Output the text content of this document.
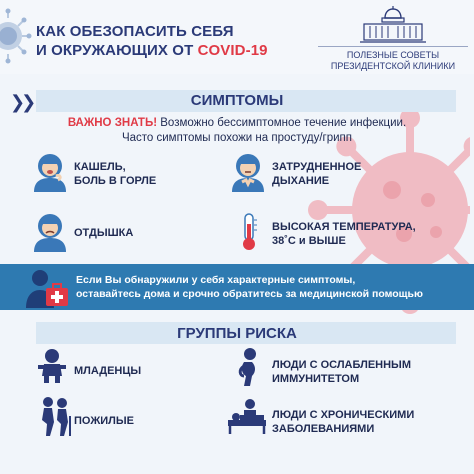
КАК ОБЕЗОПАСИТЬ СЕБЯ
И ОКРУЖАЮЩИХ ОТ COVID-19	ПОЛЕЗНЫЕ СОВЕТЫ
ПРЕЗИДЕНТСКОЙ КЛИНИКИ
❯❯	СИМПТОМЫ
ВАЖНО ЗНАТЬ! Возможно бессимптомное течение инфекции.
Часто симптомы похожи на простуду/грипп
КАШЕЛЬ,
БОЛЬ В ГОРЛЕ
ЗАТРУДНЕННОЕ
ДЫХАНИЕ
ОТДЫШКА	ВЫСОКАЯ ТЕМПЕРАТУРА,
38˚С и ВЫШЕ
Если Вы обнаружили у себя характерные симптомы,
оставайтесь дома и срочно обратитесь за медицинской помощью
ГРУППЫ РИСКА
МЛАДЕНЦЫ	ЛЮДИ С ОСЛАБЛЕННЫМ
ИММУНИТЕТОМ
ПОЖИЛЫЕ	ЛЮДИ С ХРОНИЧЕСКИМИ
ЗАБОЛЕВАНИЯМИ
